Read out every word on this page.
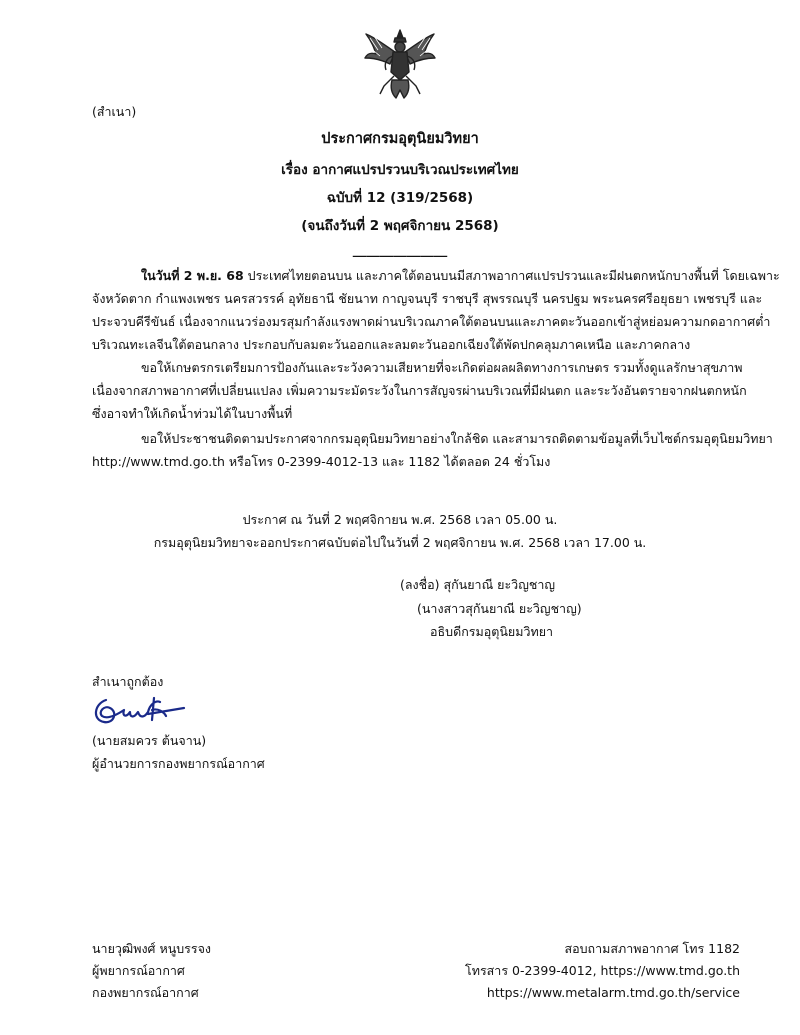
(สำเนา)
ประกาศกรมอุตุนิยมวิทยา
เรื่อง อากาศแปรปรวนบริเวณประเทศไทย
ฉบับที่ 12 (319/2568)
(จนถึงวันที่ 2 พฤศจิกายน 2568)
______________
ในวันที่ 2 พ.ย. 68 ประเทศไทยตอนบน และภาคใต้ตอนบนมีสภาพอากาศแปรปรวนและมีฝนตกหนักบางพื้นที่ โดยเฉพาะ
จังหวัดตาก กำแพงเพชร นครสวรรค์ อุทัยธานี ชัยนาท กาญจนบุรี ราชบุรี สุพรรณบุรี นครปฐม พระนครศรีอยุธยา เพชรบุรี และ
ประจวบคีรีขันธ์ เนื่องจากแนวร่องมรสุมกำลังแรงพาดผ่านบริเวณภาคใต้ตอนบนและภาคตะวันออกเข้าสู่หย่อมความกดอากาศต่ำ
บริเวณทะเลจีนใต้ตอนกลาง ประกอบกับลมตะวันออกและลมตะวันออกเฉียงใต้พัดปกคลุมภาคเหนือ และภาคกลาง
ขอให้เกษตรกรเตรียมการป้องกันและระวังความเสียหายที่จะเกิดต่อผลผลิตทางการเกษตร รวมทั้งดูแลรักษาสุขภาพ
เนื่องจากสภาพอากาศที่เปลี่ยนแปลง เพิ่มความระมัดระวังในการสัญจรผ่านบริเวณที่มีฝนตก และระวังอันตรายจากฝนตกหนัก
ซึ่งอาจทำให้เกิดน้ำท่วมได้ในบางพื้นที่
ขอให้ประชาชนติดตามประกาศจากกรมอุตุนิยมวิทยาอย่างใกล้ชิด และสามารถติดตามข้อมูลที่เว็บไซต์กรมอุตุนิยมวิทยา
http://www.tmd.go.th หรือโทร 0-2399-4012-13 และ 1182 ได้ตลอด 24 ชั่วโมง
ประกาศ ณ วันที่ 2 พฤศจิกายน พ.ศ. 2568 เวลา 05.00 น.
กรมอุตุนิยมวิทยาจะออกประกาศฉบับต่อไปในวันที่ 2 พฤศจิกายน พ.ศ. 2568 เวลา 17.00 น.
(ลงชื่อ) สุกันยาณี ยะวิญชาญ
(นางสาวสุกันยาณี ยะวิญชาญ)
อธิบดีกรมอุตุนิยมวิทยา
สำเนาถูกต้อง
(นายสมควร ต้นจาน)
ผู้อำนวยการกองพยากรณ์อากาศ
นายวุฒิพงศ์ หนูบรรจง
ผู้พยากรณ์อากาศ
กองพยากรณ์อากาศ
สอบถามสภาพอากาศ โทร 1182
โทรสาร 0-2399-4012, https://www.tmd.go.th
https://www.metalarm.tmd.go.th/service
